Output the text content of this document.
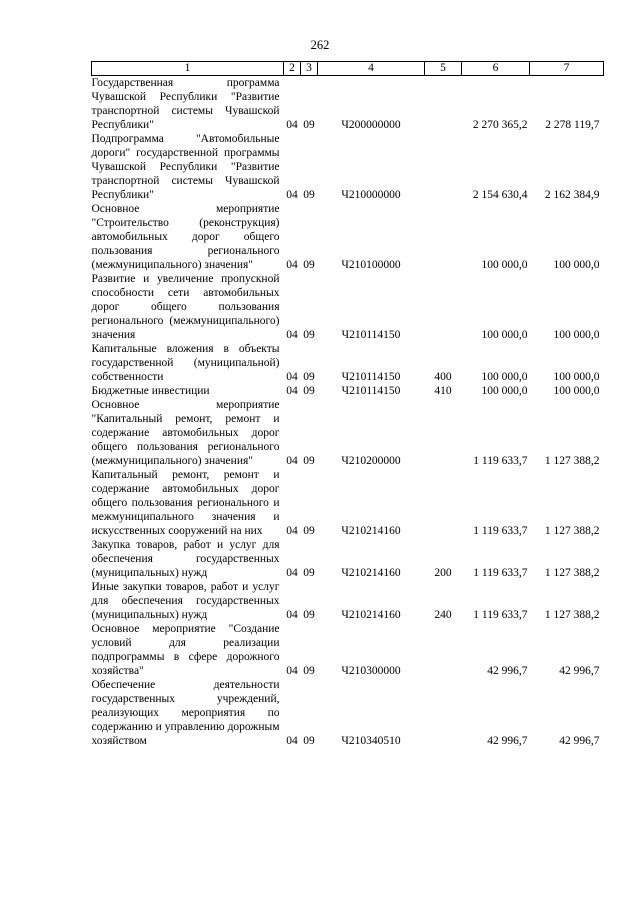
262
1	2	3	4	5	6	7
Государственная программа Чувашской Республики "Развитие транспортной системы Чувашской Республики"	04	09	Ч200000000		2 270 365,2	2 278 119,7
Подпрограмма "Автомобильные дороги" государственной программы Чувашской Республики "Развитие транспортной системы Чувашской Республики"	04	09	Ч210000000		2 154 630,4	2 162 384,9
Основное мероприятие "Строительство (реконструкция) автомобильных дорог общего пользования регионального (межмуниципального) значения"	04	09	Ч210100000		100 000,0	100 000,0
Развитие и увеличение пропускной способности сети автомобильных дорог общего пользования регионального (межмуниципального) значения	04	09	Ч210114150		100 000,0	100 000,0
Капитальные вложения в объекты государственной (муниципальной) собственности	04	09	Ч210114150	400	100 000,0	100 000,0
Бюджетные инвестиции	04	09	Ч210114150	410	100 000,0	100 000,0
Основное мероприятие "Капитальный ремонт, ремонт и содержание автомобильных дорог общего пользования регионального (межмуниципального) значения"	04	09	Ч210200000		1 119 633,7	1 127 388,2
Капитальный ремонт, ремонт и содержание автомобильных дорог общего пользования регионального и межмуниципального значения и искусственных сооружений на них	04	09	Ч210214160		1 119 633,7	1 127 388,2
Закупка товаров, работ и услуг для обеспечения государственных (муниципальных) нужд	04	09	Ч210214160	200	1 119 633,7	1 127 388,2
Иные закупки товаров, работ и услуг для обеспечения государственных (муниципальных) нужд	04	09	Ч210214160	240	1 119 633,7	1 127 388,2
Основное мероприятие "Создание условий для реализации подпрограммы в сфере дорожного хозяйства"	04	09	Ч210300000		42 996,7	42 996,7
Обеспечение деятельности государственных учреждений, реализующих мероприятия по содержанию и управлению дорожным хозяйством	04	09	Ч210340510		42 996,7	42 996,7
